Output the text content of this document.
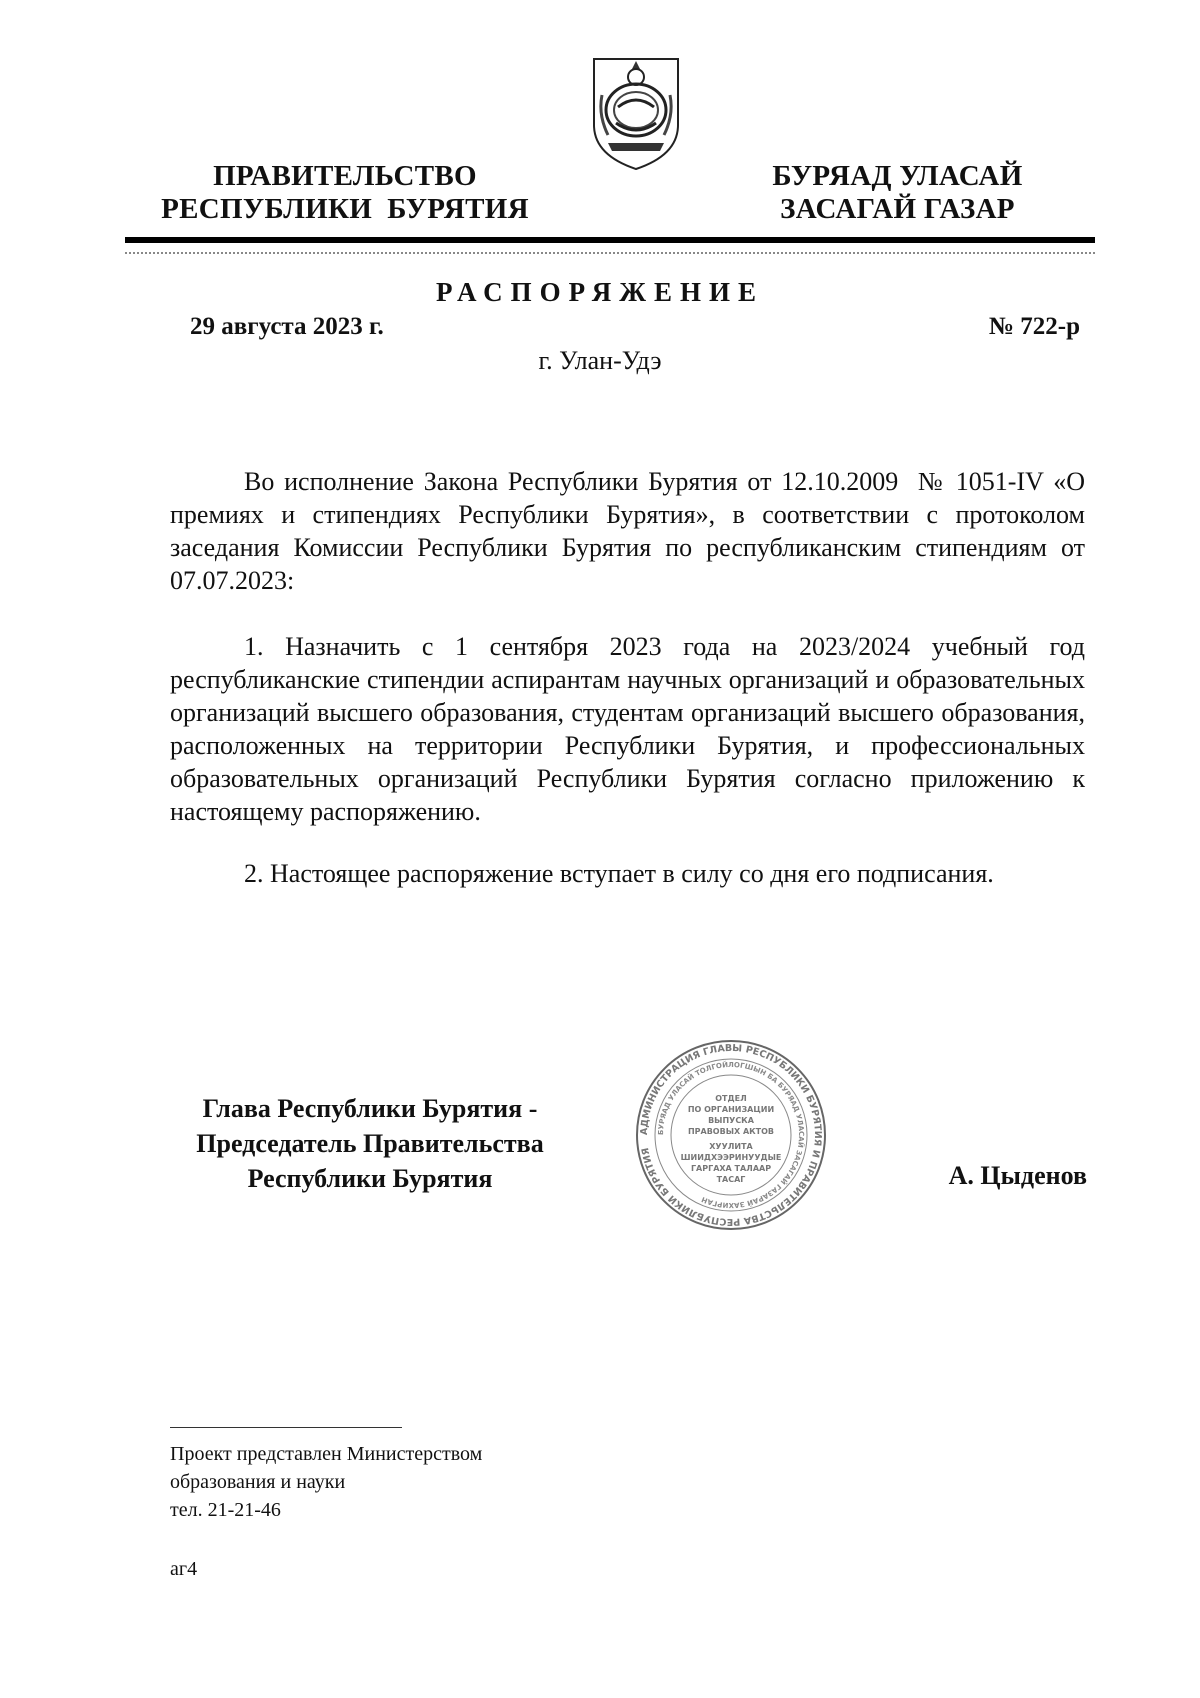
ПРАВИТЕЛЬСТВО
РЕСПУБЛИКИ  БУРЯТИЯ
БУРЯАД УЛАСАЙ
ЗАСАГАЙ ГАЗАР
РАСПОРЯЖЕНИЕ
29 августа 2023 г.	№ 722-р
г. Улан-Удэ
Во исполнение Закона Республики Бурятия от 12.10.2009  № 1051-IV «О премиях и стипендиях Республики Бурятия», в соответствии с протоколом заседания Комиссии Республики Бурятия по республиканским стипендиям от 07.07.2023:
1. Назначить с 1 сентября 2023 года на 2023/2024 учебный год республиканские стипендии аспирантам научных организаций и образовательных организаций высшего образования, студентам организаций высшего образования, расположенных на территории Республики Бурятия, и профессиональных образовательных организаций Республики Бурятия согласно приложению к настоящему распоряжению.
2. Настоящее распоряжение вступает в силу со дня его подписания.
Глава Республики Бурятия -
Председатель Правительства
Республики Бурятия
АДМИНИСТРАЦИЯ ГЛАВЫ РЕСПУБЛИКИ БУРЯТИЯ И ПРАВИТЕЛЬСТВА РЕСПУБЛИКИ БУРЯТИЯ
БУРЯАД УЛАСАЙ ТОЛГОЙЛОГШЫН БА БУРЯАД УЛАСАЙ ЗАСАГАЙ ГАЗАРАЙ ЗАХИРГАН
ОТДЕЛ
ПО ОРГАНИЗАЦИИ
ВЫПУСКА
ПРАВОВЫХ АКТОВ
ХУУЛИТА
ШИИДХЭЭРИНУУДЫЕ
ГАРГАХА ТАЛААР
ТАСАГ	А. Цыденов
Проект представлен Министерством
образования и науки
тел. 21-21-46
аг4
